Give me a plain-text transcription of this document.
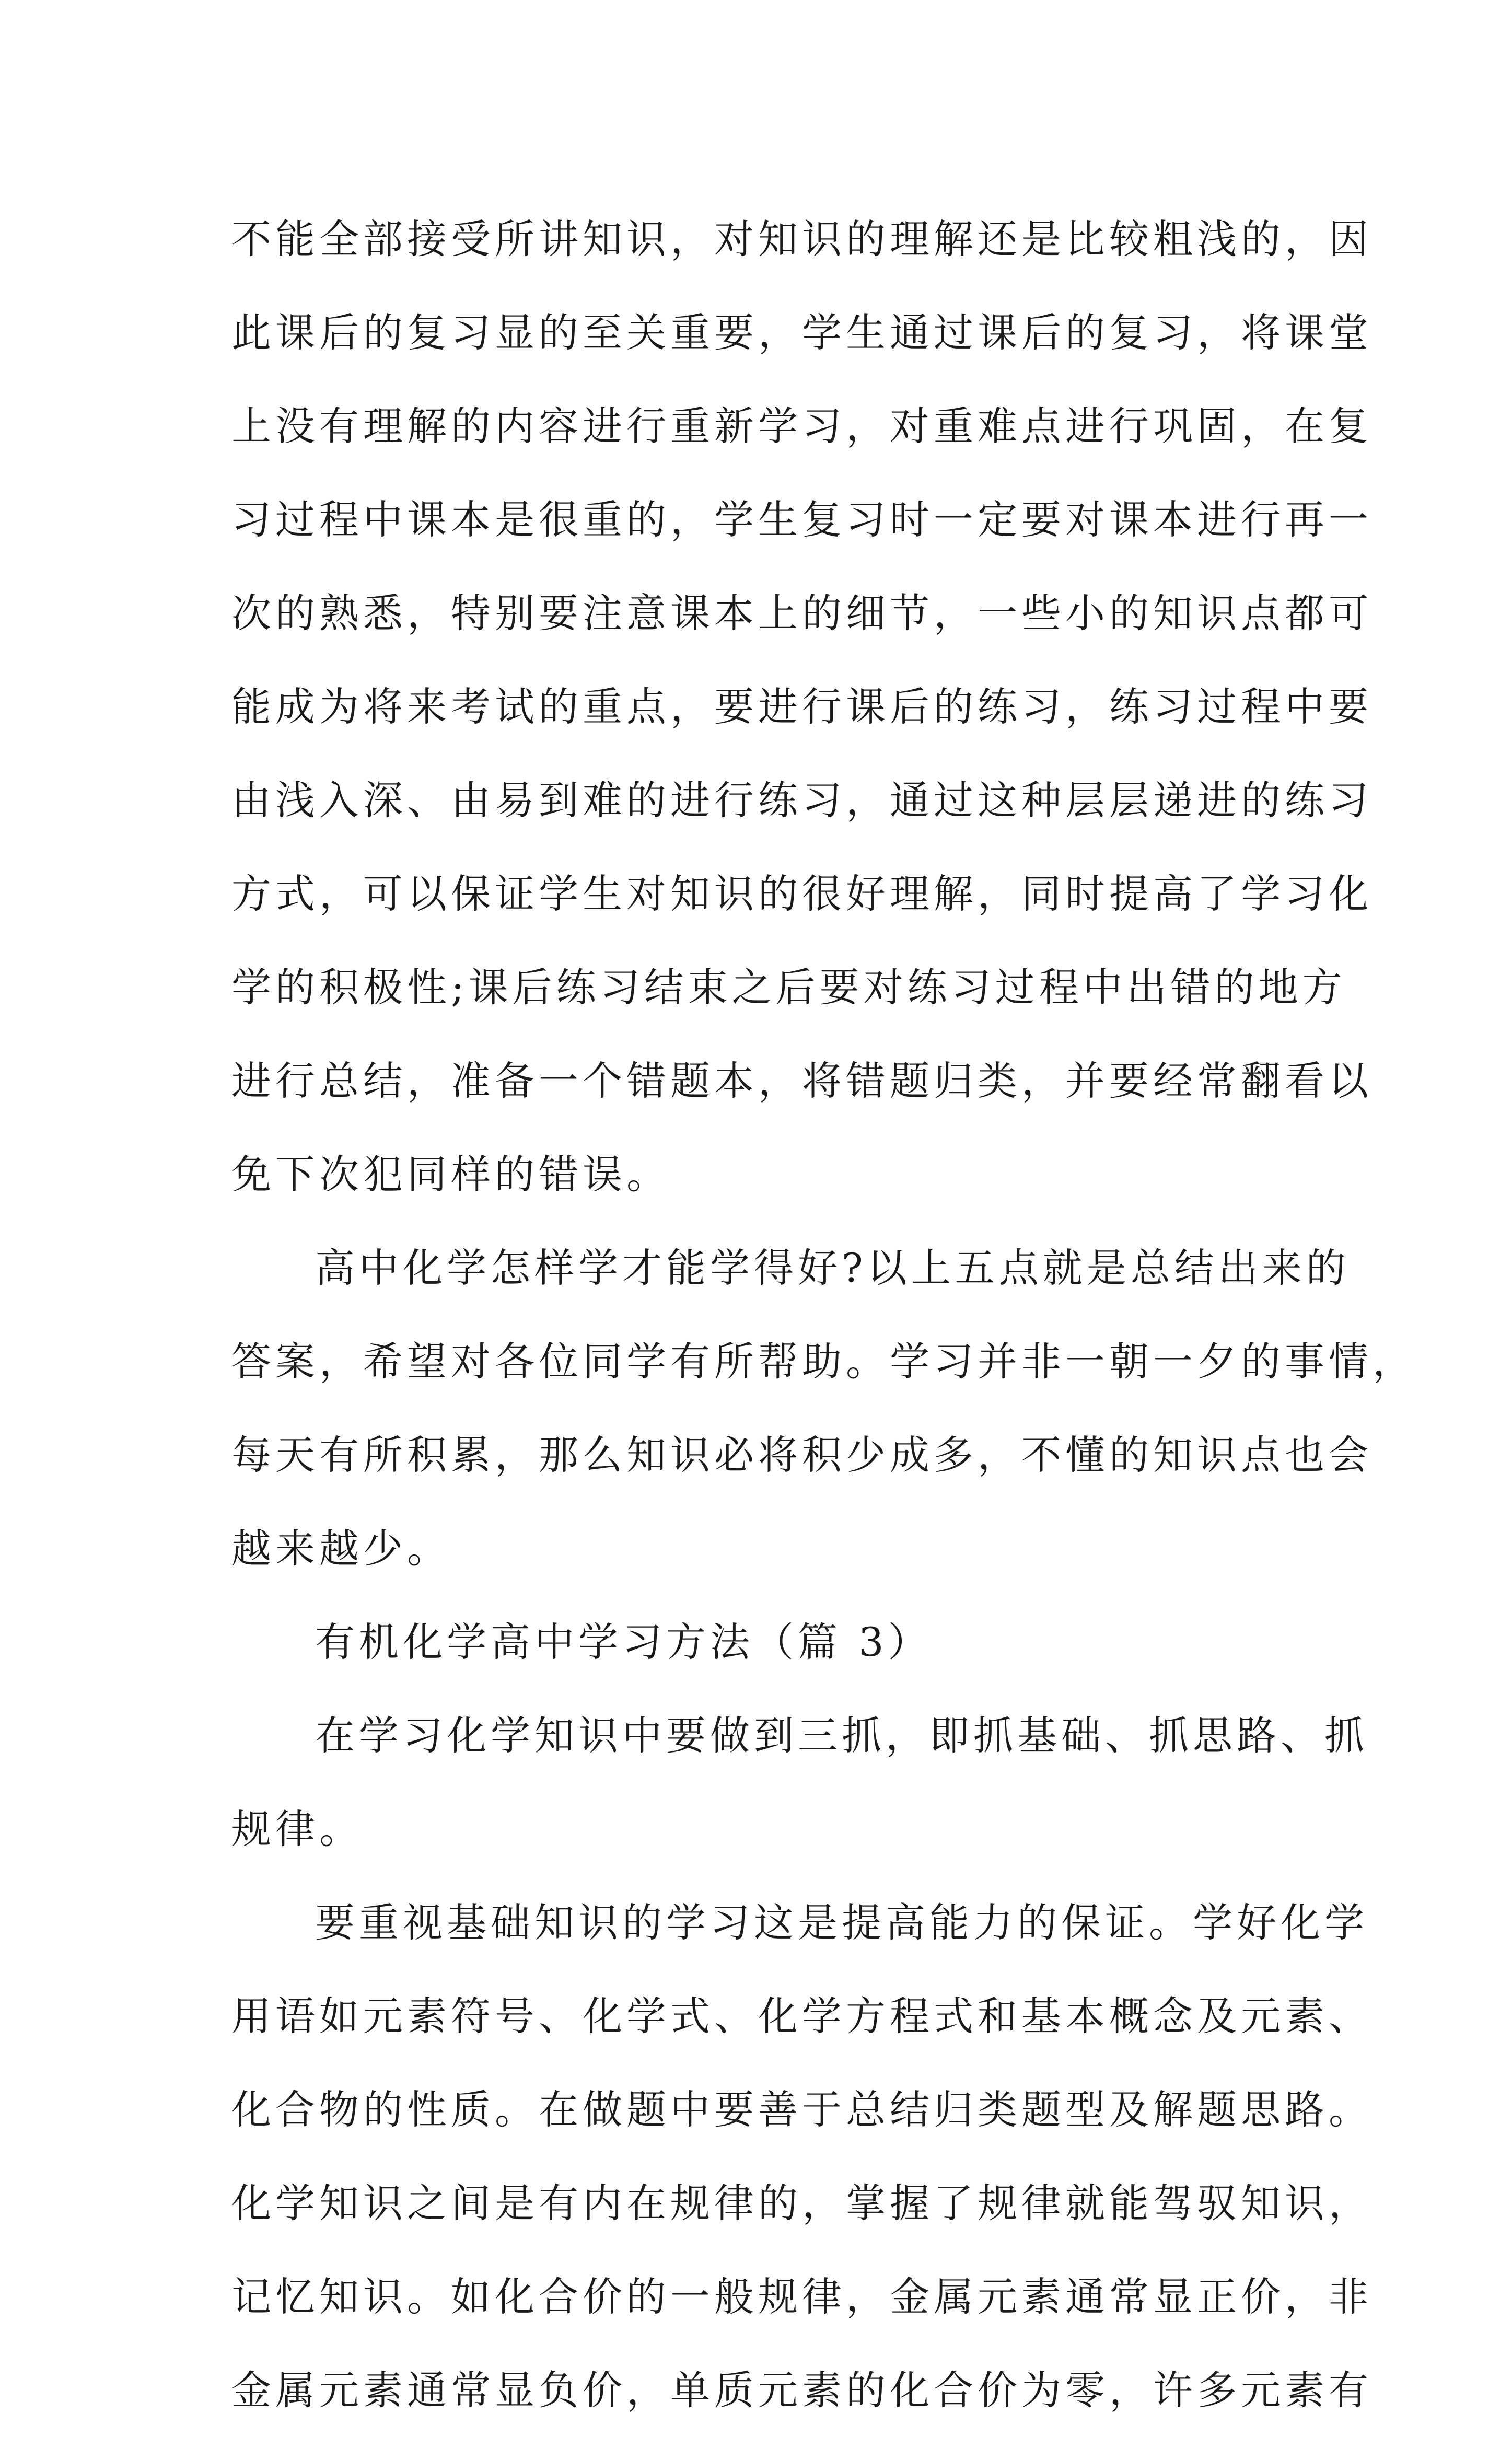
不能全部接受所讲知识，对知识的理解还是比较粗浅的，因
此课后的复习显的至关重要，学生通过课后的复习，将课堂
上没有理解的内容进行重新学习，对重难点进行巩固，在复
习过程中课本是很重的，学生复习时一定要对课本进行再一
次的熟悉，特别要注意课本上的细节，一些小的知识点都可
能成为将来考试的重点，要进行课后的练习，练习过程中要
由浅入深、由易到难的进行练习，通过这种层层递进的练习
方式，可以保证学生对知识的很好理解，同时提高了学习化
学的积极性;课后练习结束之后要对练习过程中出错的地方
进行总结，准备一个错题本，将错题归类，并要经常翻看以
免下次犯同样的错误。
高中化学怎样学才能学得好?以上五点就是总结出来的
答案，希望对各位同学有所帮助。学习并非一朝一夕的事情，
每天有所积累，那么知识必将积少成多，不懂的知识点也会
越来越少。
有机化学高中学习方法（篇 3）
在学习化学知识中要做到三抓，即抓基础、抓思路、抓
规律。
要重视基础知识的学习这是提高能力的保证。学好化学
用语如元素符号、化学式、化学方程式和基本概念及元素、
化合物的性质。在做题中要善于总结归类题型及解题思路。
化学知识之间是有内在规律的，掌握了规律就能驾驭知识，
记忆知识。如化合价的一般规律，金属元素通常显正价，非
金属元素通常显负价，单质元素的化合价为零，许多元素有
